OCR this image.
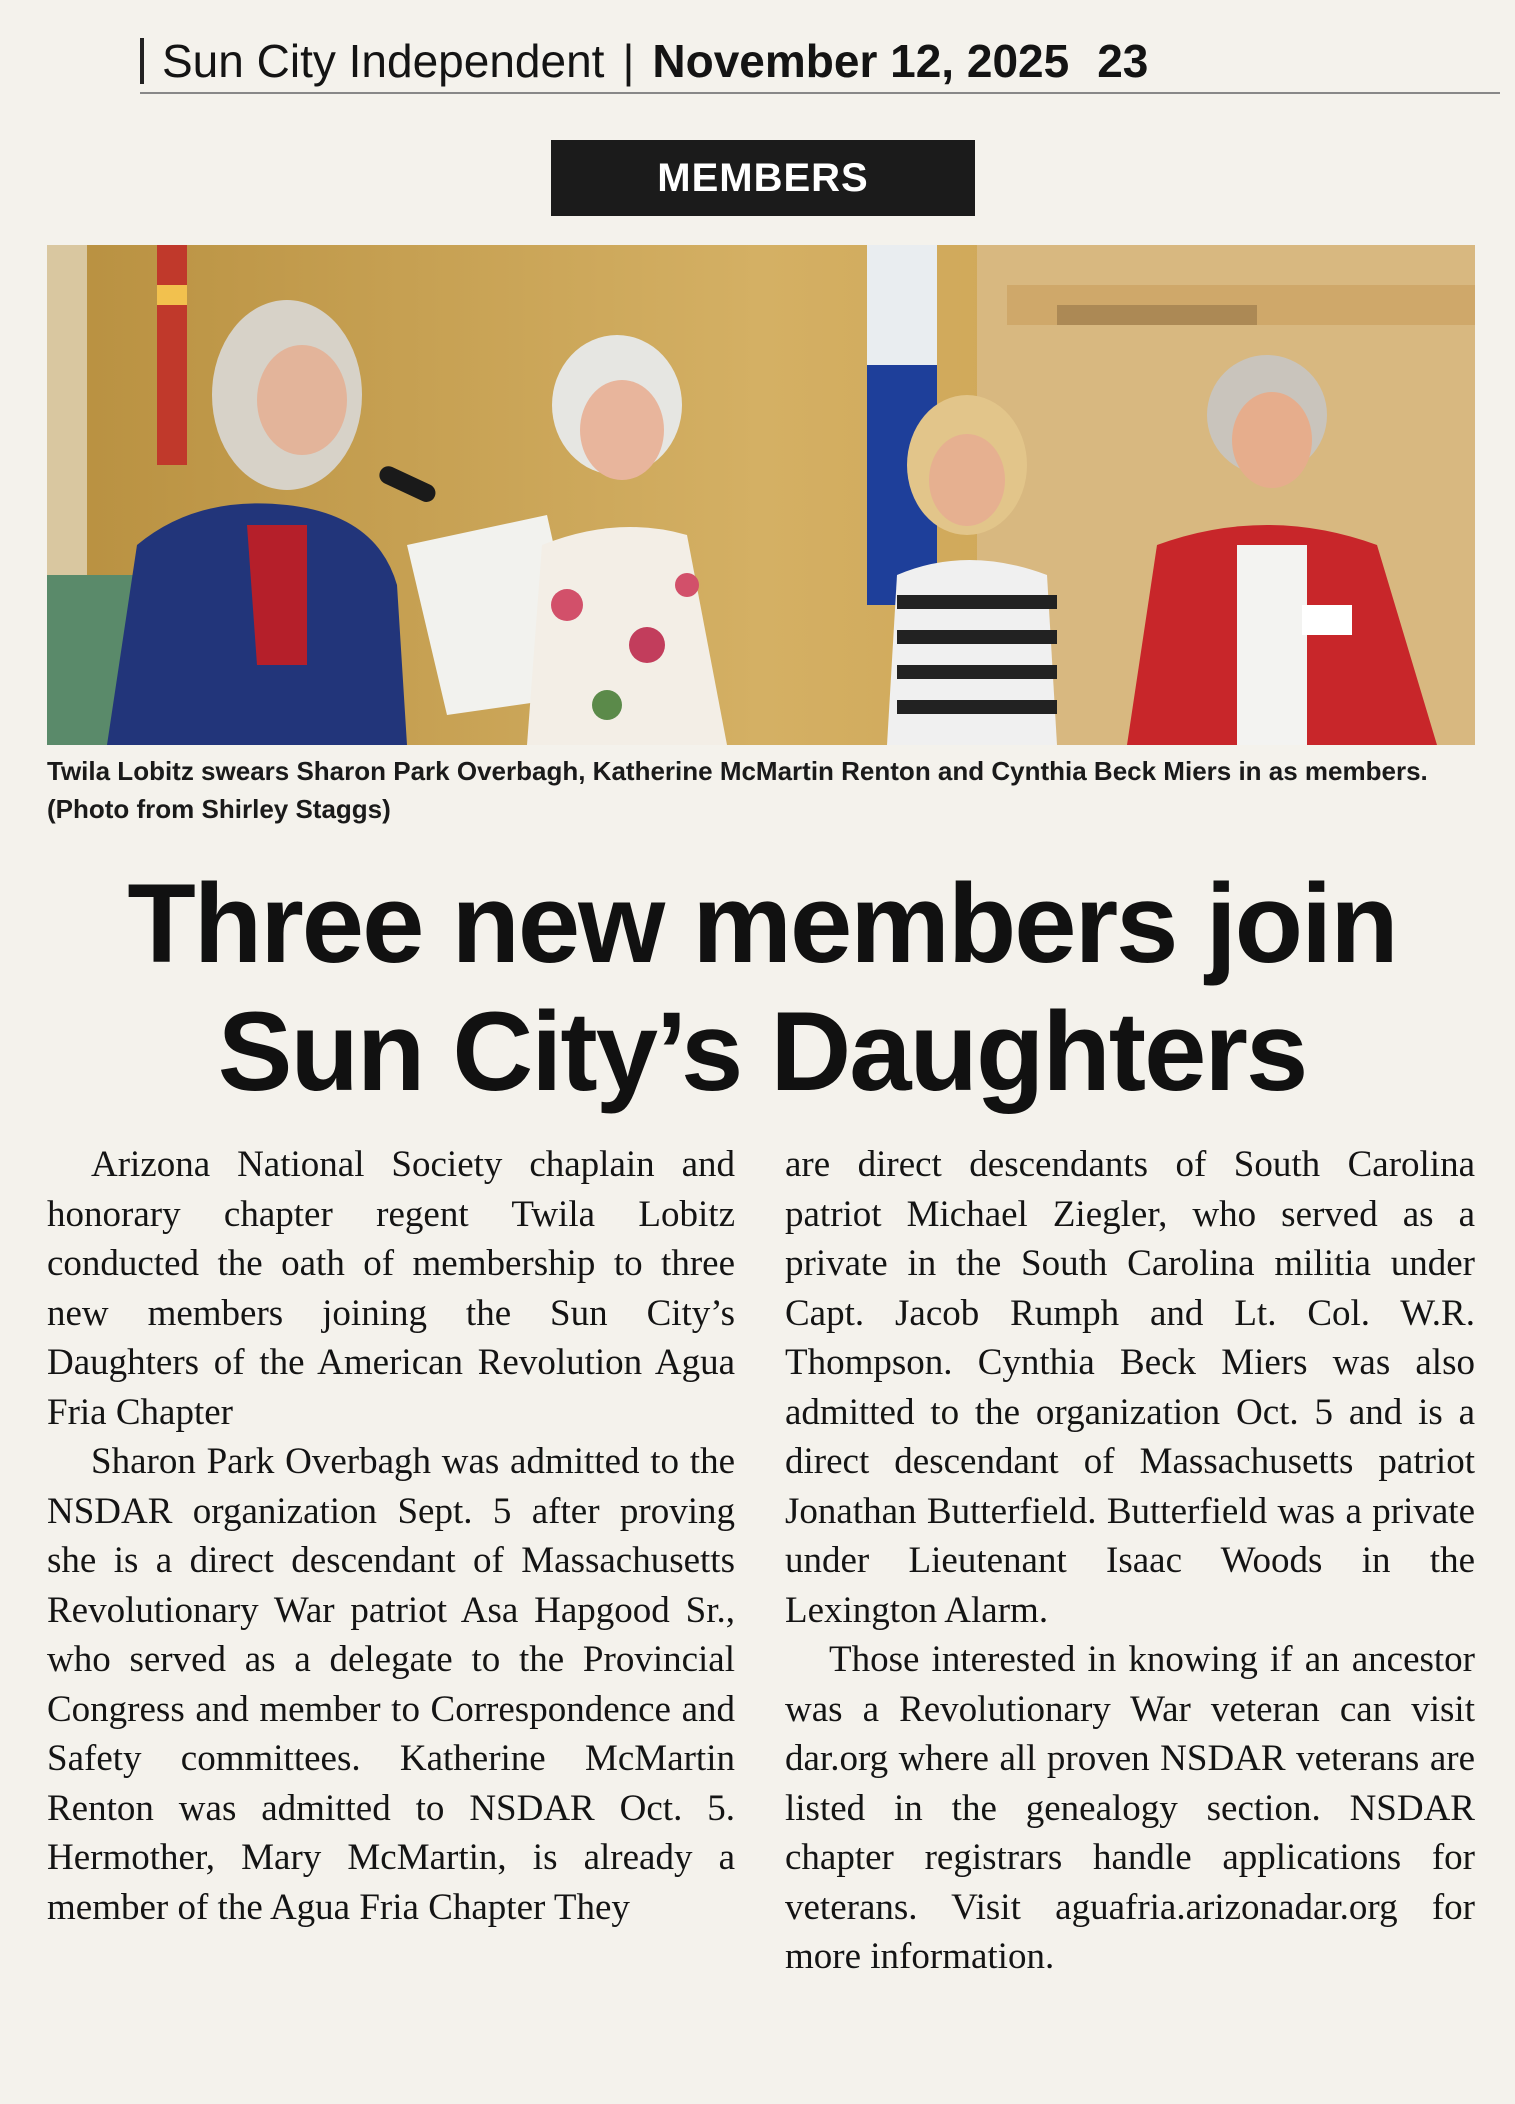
Sun City Independent | November 12, 2025 23
MEMBERS
Twila Lobitz swears Sharon Park Overbagh, Katherine McMartin Renton and Cynthia Beck Miers in as members. (Photo from Shirley Staggs)
Three new members join
Sun City’s Daughters

Arizona National Society chaplain and honorary chapter regent Twila Lobitz conducted the oath of membership to three new members joining the Sun City’s Daughters of the American Revolution Agua Fria Chapter

Sharon Park Overbagh was admitted to the NSDAR organization Sept. 5 after proving she is a direct descendant of Massachusetts Revolutionary War patriot Asa Hapgood Sr., who served as a delegate to the Provincial Congress and member to Correspondence and Safety committees. Katherine McMartin Renton was admitted to NSDAR Oct. 5. Hermother, Mary McMartin, is already a member of the Agua Fria Chapter They

are direct descendants of South Carolina patriot Michael Ziegler, who served as a private in the South Carolina militia under Capt. Jacob Rumph and Lt. Col. W.R. Thompson. Cynthia Beck Miers was also admitted to the organization Oct. 5 and is a direct descendant of Massachusetts patriot Jonathan Butterfield. Butterfield was a private under Lieutenant Isaac Woods in the Lexington Alarm.

Those interested in knowing if an ancestor was a Revolutionary War veteran can visit dar.org where all proven NSDAR veterans are listed in the genealogy section. NSDAR chapter registrars handle applications for veterans. Visit aguafria.arizonadar.org for more information.
